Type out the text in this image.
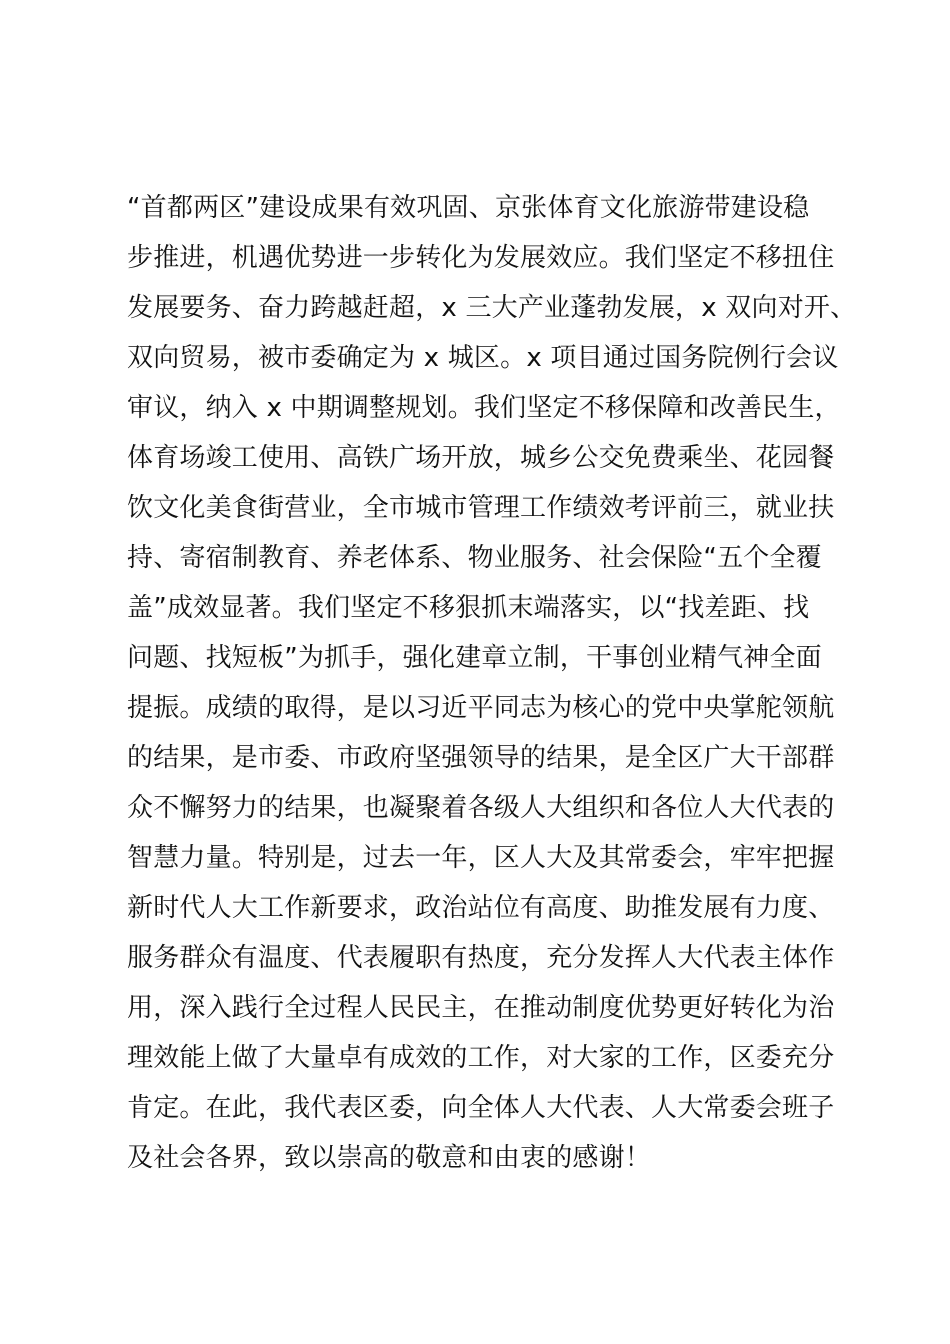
“首都两区”建设成果有效巩固、京张体育文化旅游带建设稳
步推进，机遇优势进一步转化为发展效应。我们坚定不移扭住
发展要务、奋力跨越赶超，x 三大产业蓬勃发展，x 双向对开、
双向贸易，被市委确定为 x 城区。x 项目通过国务院例行会议
审议，纳入 x 中期调整规划。我们坚定不移保障和改善民生，
体育场竣工使用、高铁广场开放，城乡公交免费乘坐、花园餐
饮文化美食街营业，全市城市管理工作绩效考评前三，就业扶
持、寄宿制教育、养老体系、物业服务、社会保险“五个全覆
盖”成效显著。我们坚定不移狠抓末端落实，以“找差距、找
问题、找短板”为抓手，强化建章立制，干事创业精气神全面
提振。成绩的取得，是以习近平同志为核心的党中央掌舵领航
的结果，是市委、市政府坚强领导的结果，是全区广大干部群
众不懈努力的结果，也凝聚着各级人大组织和各位人大代表的
智慧力量。特别是，过去一年，区人大及其常委会，牢牢把握
新时代人大工作新要求，政治站位有高度、助推发展有力度、
服务群众有温度、代表履职有热度，充分发挥人大代表主体作
用，深入践行全过程人民民主，在推动制度优势更好转化为治
理效能上做了大量卓有成效的工作，对大家的工作，区委充分
肯定。在此，我代表区委，向全体人大代表、人大常委会班子
及社会各界，致以崇高的敬意和由衷的感谢！
